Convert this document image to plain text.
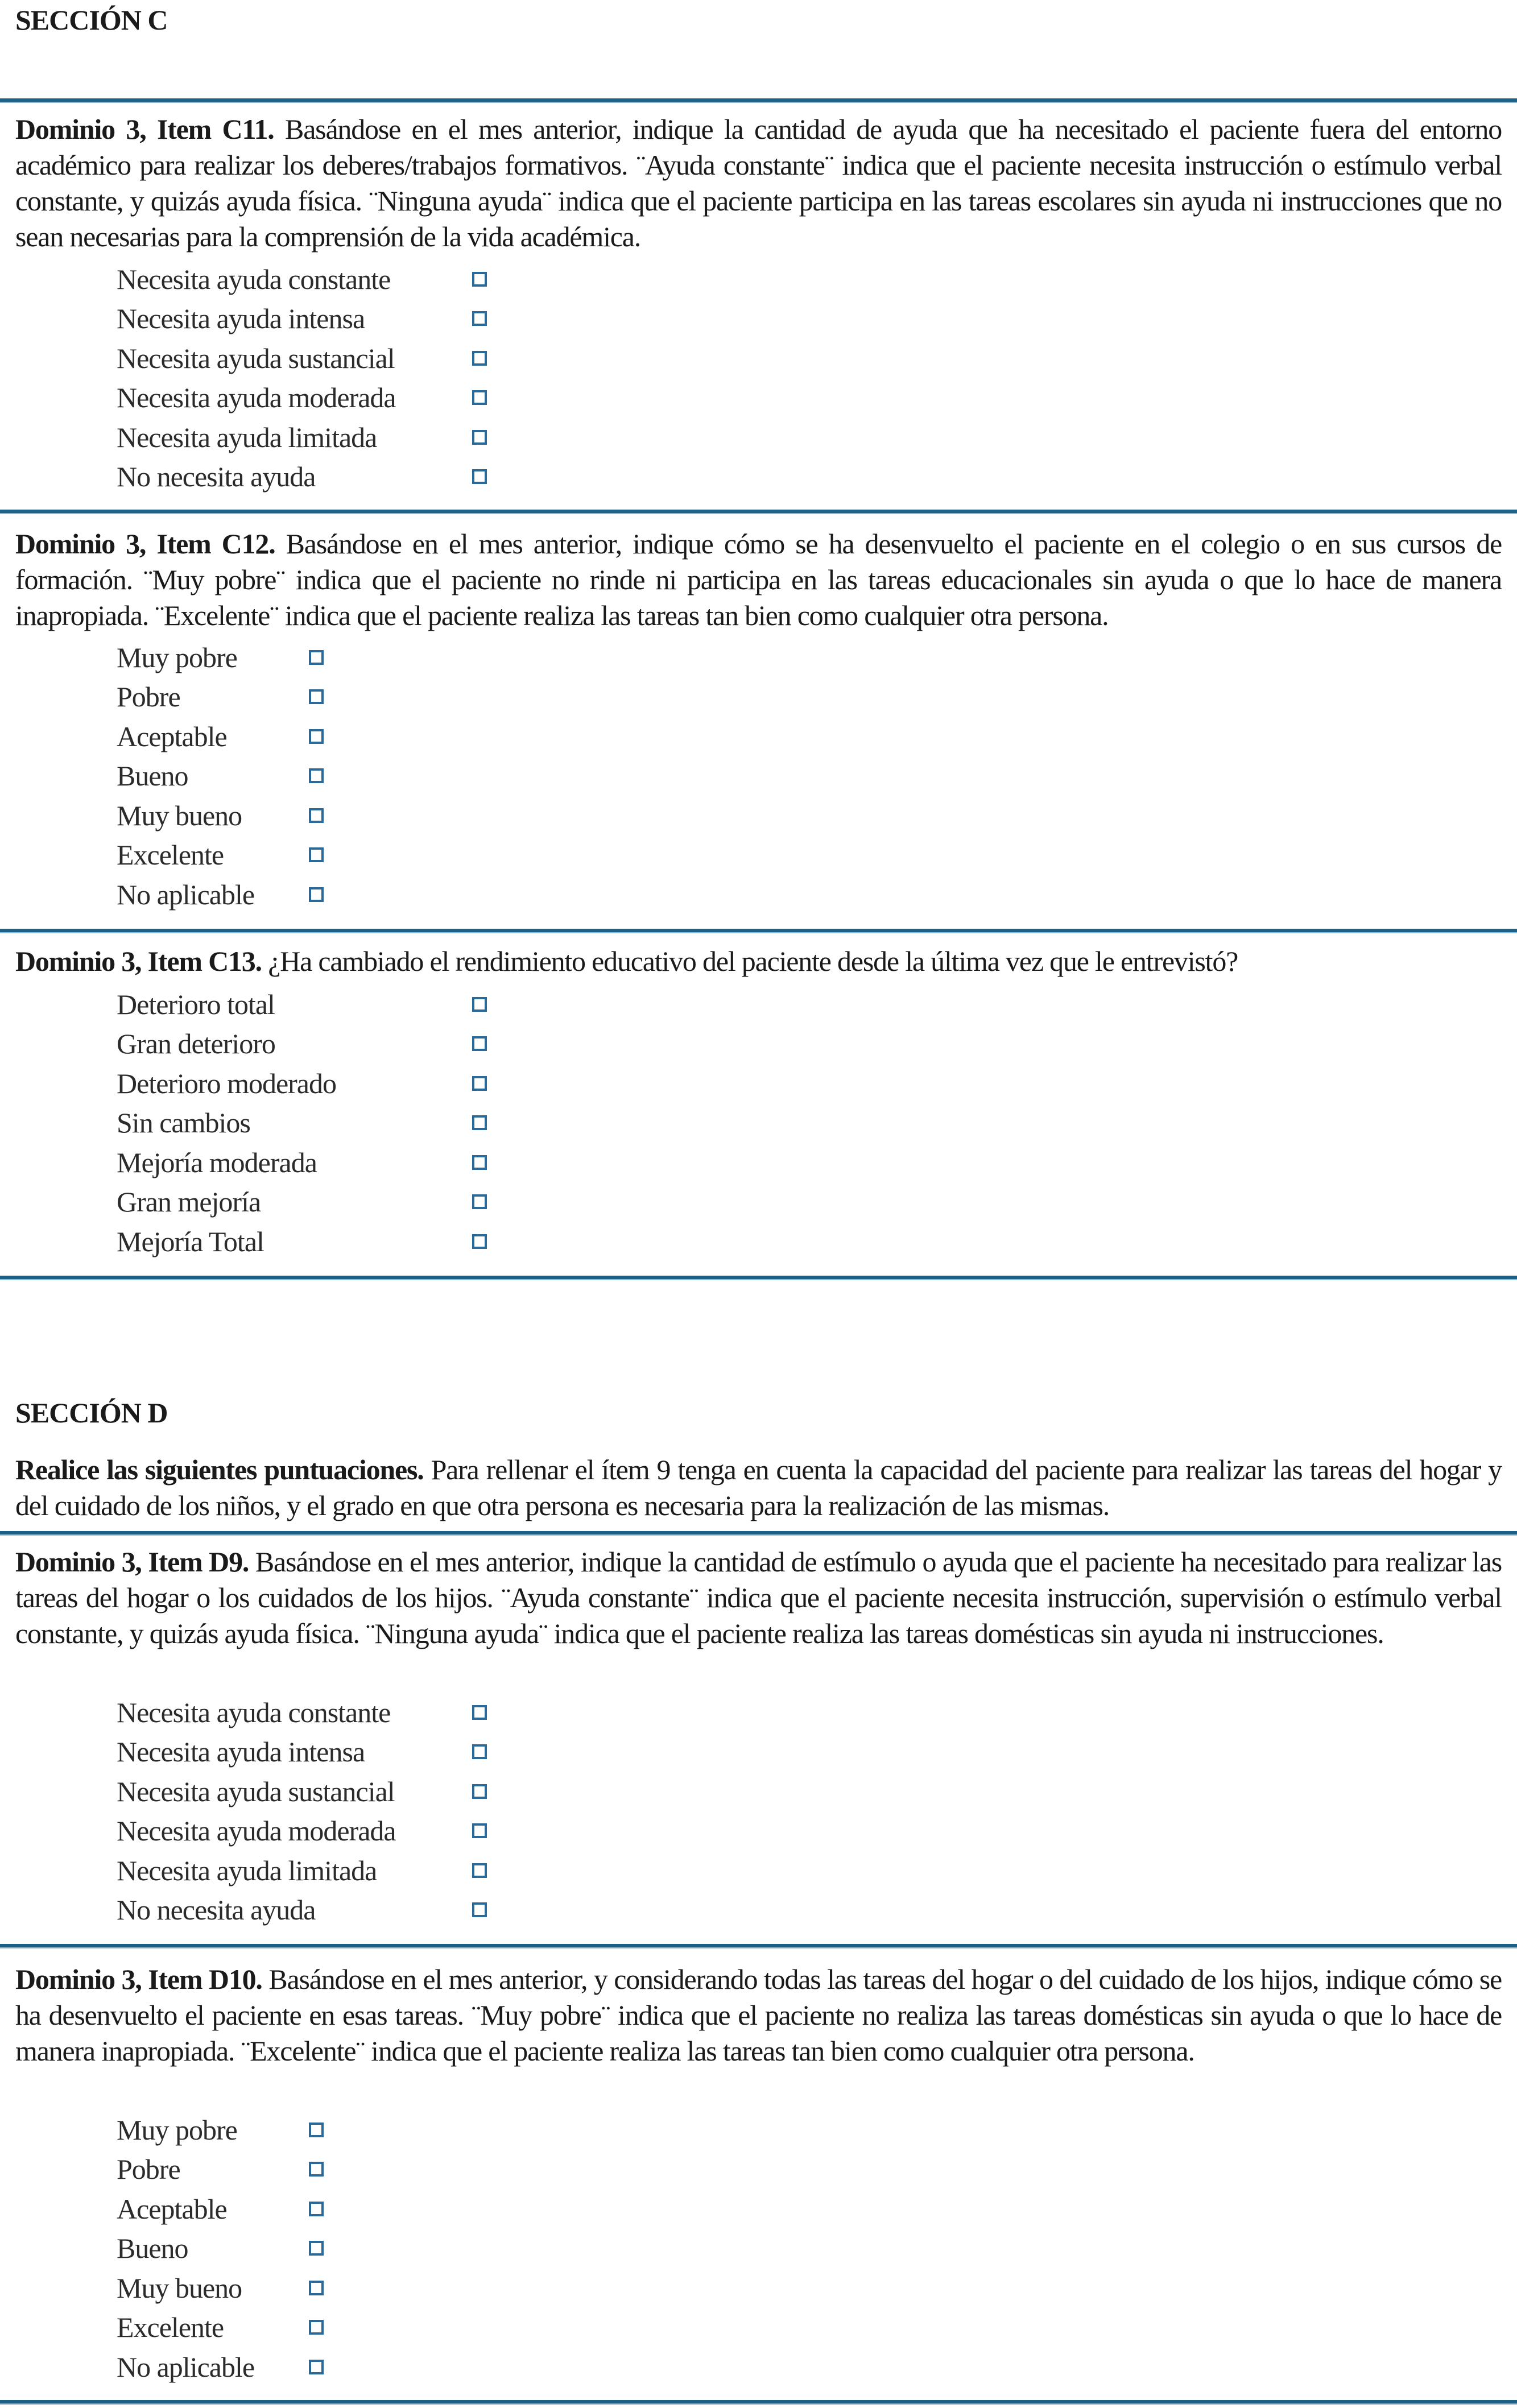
SECCIÓN C
Dominio 3, Item C11. Basándose en el mes anterior, indique la cantidad de ayuda que ha necesitado el paciente fuera del entorno académico para realizar los deberes/trabajos formativos. ¨Ayuda constante¨ indica que el paciente necesita instrucción o estímulo verbal constante, y quizás ayuda física. ¨Ninguna ayuda¨ indica que el paciente participa en las tareas escolares sin ayuda ni instrucciones que no sean necesarias para la comprensión de la vida académica.
Necesita ayuda constante
Necesita ayuda intensa
Necesita ayuda sustancial
Necesita ayuda moderada
Necesita ayuda limitada
No necesita ayuda
Dominio 3, Item C12. Basándose en el mes anterior, indique cómo se ha desenvuelto el paciente en el colegio o en sus cursos de formación. ¨Muy pobre¨ indica que el paciente no rinde ni participa en las tareas educacionales sin ayuda o que lo hace de manera inapropiada. ¨Excelente¨ indica que el paciente realiza las tareas tan bien como cualquier otra persona.
Muy pobre
Pobre
Aceptable
Bueno
Muy bueno
Excelente
No aplicable
Dominio 3, Item C13. ¿Ha cambiado el rendimiento educativo del paciente desde la última vez que le entrevistó?
Deterioro total
Gran deterioro
Deterioro moderado
Sin cambios
Mejoría moderada
Gran mejoría
Mejoría Total
SECCIÓN D
Realice las siguientes puntuaciones. Para rellenar el ítem 9 tenga en cuenta la capacidad del paciente para realizar las tareas del hogar y del cuidado de los niños, y el grado en que otra persona es necesaria para la realización de las mismas.
Dominio 3, Item D9. Basándose en el mes anterior, indique la cantidad de estímulo o ayuda que el paciente ha necesitado para realizar las tareas del hogar o los cuidados de los hijos. ¨Ayuda constante¨ indica que el paciente necesita instrucción, supervisión o estímulo verbal constante, y quizás ayuda física. ¨Ninguna ayuda¨ indica que el paciente realiza las tareas domésticas sin ayuda ni instrucciones.
Necesita ayuda constante
Necesita ayuda intensa
Necesita ayuda sustancial
Necesita ayuda moderada
Necesita ayuda limitada
No necesita ayuda
Dominio 3, Item D10. Basándose en el mes anterior, y considerando todas las tareas del hogar o del cuidado de los hijos, indique cómo se ha desenvuelto el paciente en esas tareas. ¨Muy pobre¨ indica que el paciente no realiza las tareas domésticas sin ayuda o que lo hace de manera inapropiada. ¨Excelente¨ indica que el paciente realiza las tareas tan bien como cualquier otra persona.
Muy pobre
Pobre
Aceptable
Bueno
Muy bueno
Excelente
No aplicable
